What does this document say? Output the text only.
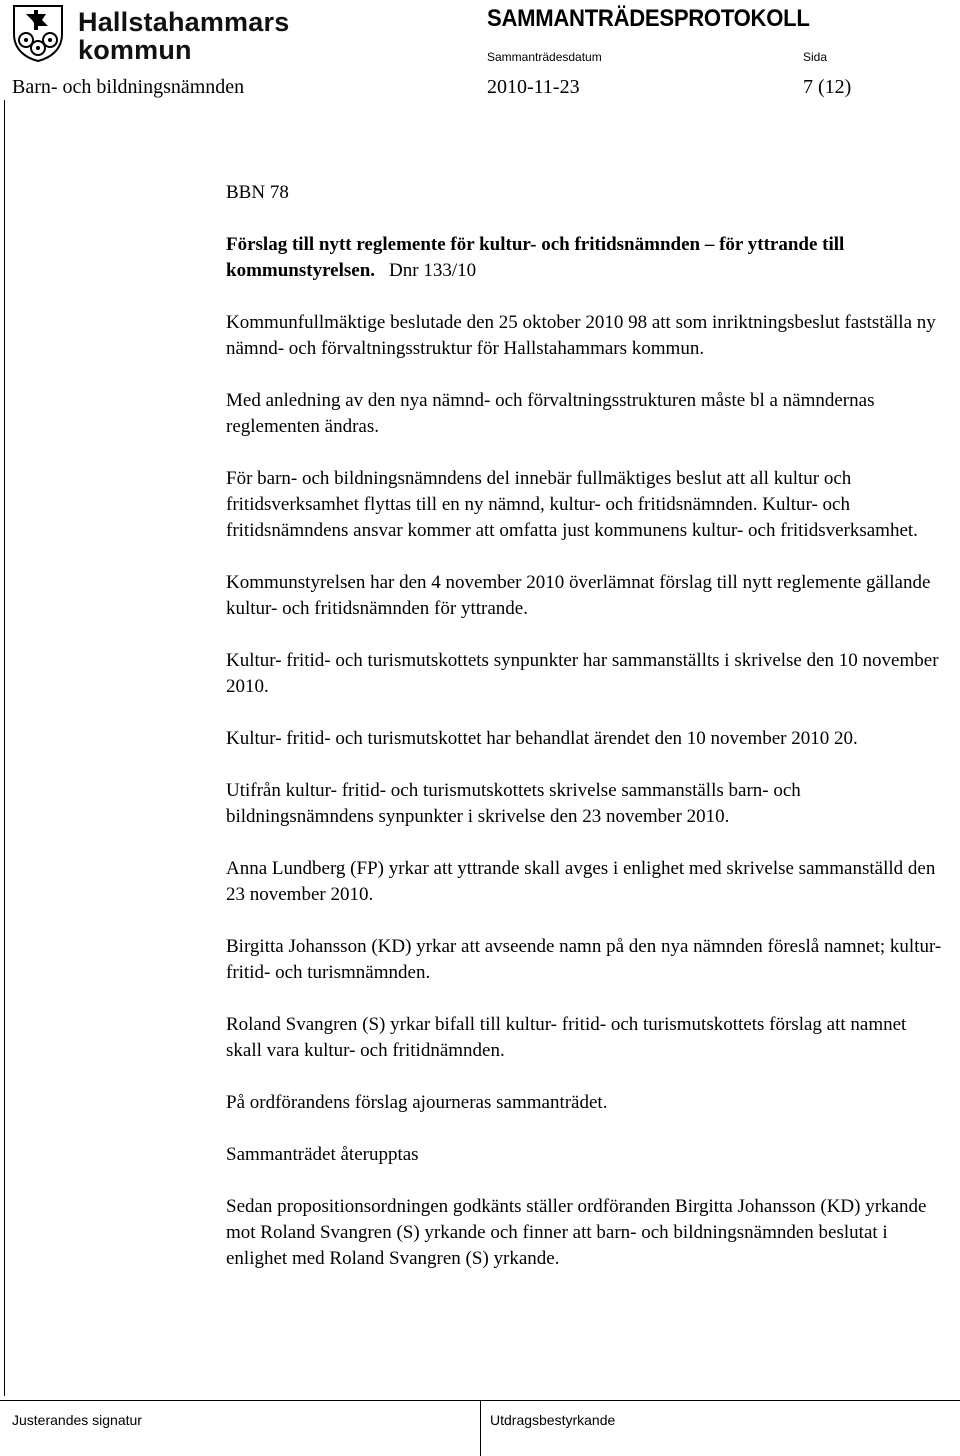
Hallstahammars
kommun
SAMMANTRÄDESPROTOKOLL
Sammanträdesdatum	Sida
Barn- och bildningsnämnden	2010-11-23	7 (12)

BBN 78

Förslag till nytt reglemente för kultur- och fritidsnämnden – för yttrande till kommunstyrelsen. Dnr 133/10

Kommunfullmäktige beslutade den 25 oktober 2010 98 att som inriktningsbeslut fastställa ny nämnd- och förvaltningsstruktur för Hallstahammars kommun.

Med anledning av den nya nämnd- och förvaltningsstrukturen måste bl a nämndernas reglementen ändras.

För barn- och bildningsnämndens del innebär fullmäktiges beslut att all kultur och fritidsverksamhet flyttas till en ny nämnd, kultur- och fritidsnämnden. Kultur- och fritidsnämndens ansvar kommer att omfatta just kommunens kultur- och fritidsverksamhet.

Kommunstyrelsen har den 4 november 2010 överlämnat förslag till nytt reglemente gällande kultur- och fritidsnämnden för yttrande.

Kultur- fritid- och turismutskottets synpunkter har sammanställts i skrivelse den 10 november 2010.

Kultur- fritid- och turismutskottet har behandlat ärendet den 10 november 2010 20.

Utifrån kultur- fritid- och turismutskottets skrivelse sammanställs barn- och bildningsnämndens synpunkter i skrivelse den 23 november 2010.

Anna Lundberg (FP) yrkar att yttrande skall avges i enlighet med skrivelse sammanställd den 23 november 2010.

Birgitta Johansson (KD) yrkar att avseende namn på den nya nämnden föreslå namnet; kultur- fritid- och turismnämnden.

Roland Svangren (S) yrkar bifall till kultur- fritid- och turismutskottets förslag att namnet skall vara kultur- och fritidnämnden.

På ordförandens förslag ajourneras sammanträdet.

Sammanträdet återupptas

Sedan propositionsordningen godkänts ställer ordföranden Birgitta Johansson (KD) yrkande mot Roland Svangren (S) yrkande och finner att barn- och bildningsnämnden beslutat i enlighet med Roland Svangren (S) yrkande.

Justerandes signatur	Utdragsbestyrkande
